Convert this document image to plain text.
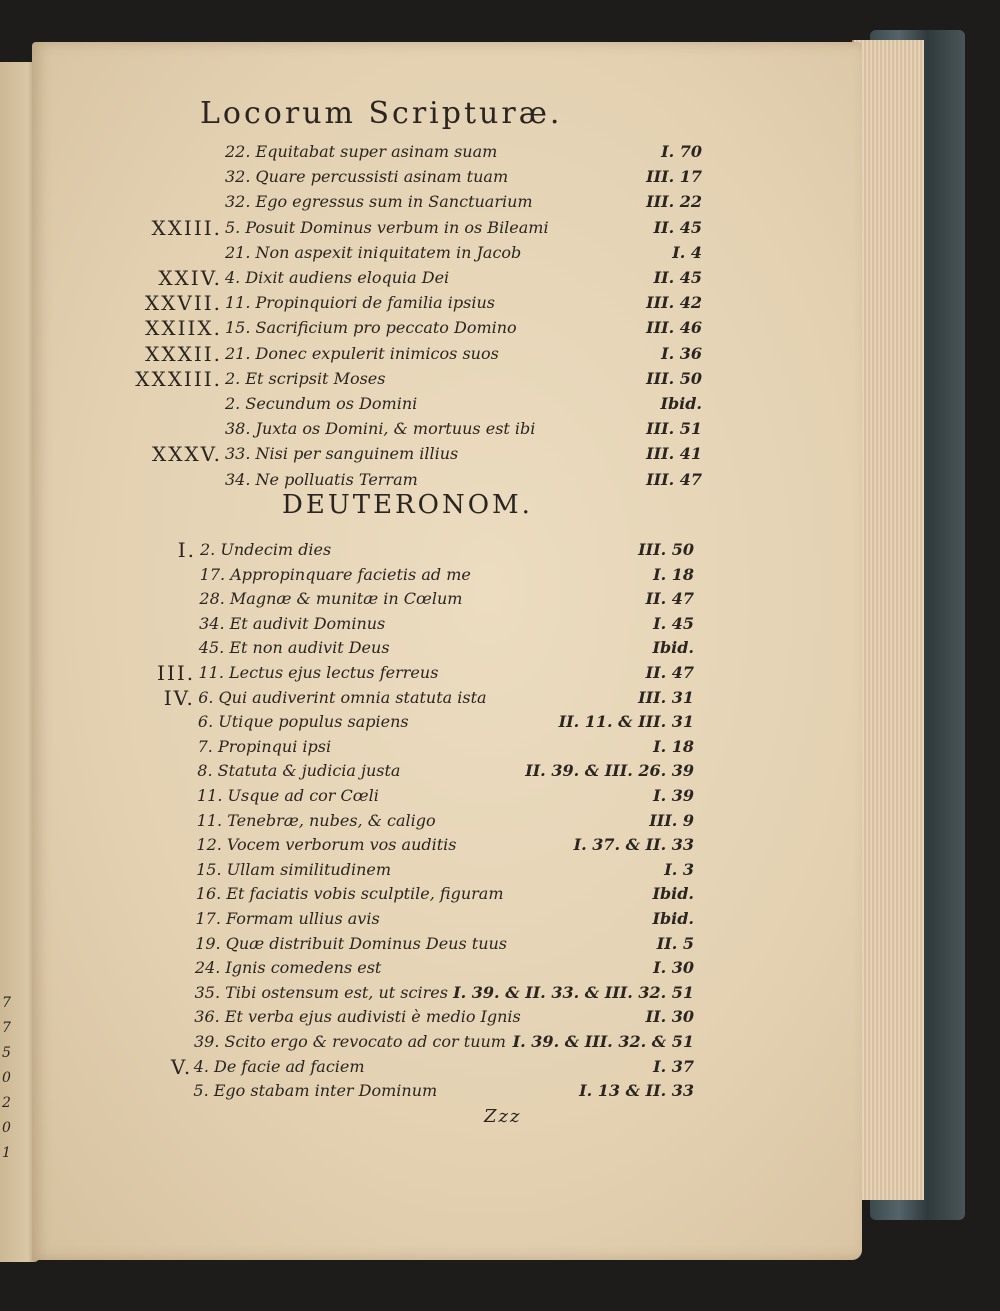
7
7
5
0
2
0
1
Locorum Scripturæ.
22. Equitabat super asinam suam	I. 70
32. Quare percussisti asinam tuam	III. 17
32. Ego egressus sum in Sanctuarium	III. 22
XXIII. 5. Posuit Dominus verbum in os Bileami	II. 45
21. Non aspexit iniquitatem in Jacob	I. 4
XXIV. 4. Dixit audiens eloquia Dei	II. 45
XXVII. 11. Propinquiori de familia ipsius	III. 42
XXIIX. 15. Sacrificium pro peccato Domino	III. 46
XXXII. 21. Donec expulerit inimicos suos	I. 36
XXXIII. 2. Et scripsit Moses	III. 50
2. Secundum os Domini	Ibid.
38. Juxta os Domini, & mortuus est ibi	III. 51
XXXV. 33. Nisi per sanguinem illius	III. 41
34. Ne polluatis Terram	III. 47
DEUTERONOM.
I. 2. Undecim dies	III. 50
17. Appropinquare facietis ad me	I. 18
28. Magnæ & munitæ in Cœlum	II. 47
34. Et audivit Dominus	I. 45
45. Et non audivit Deus	Ibid.
III. 11. Lectus ejus lectus ferreus	II. 47
IV. 6. Qui audiverint omnia statuta ista	III. 31
6. Utique populus sapiens	II. 11. & III. 31
7. Propinqui ipsi	I. 18
8. Statuta & judicia justa	II. 39. & III. 26. 39
11. Usque ad cor Cœli	I. 39
11. Tenebræ, nubes, & caligo	III. 9
12. Vocem verborum vos auditis	I. 37. & II. 33
15. Ullam similitudinem	I. 3
16. Et faciatis vobis sculptile, figuram	Ibid.
17. Formam ullius avis	Ibid.
19. Quæ distribuit Dominus Deus tuus	II. 5
24. Ignis comedens est	I. 30
35. Tibi ostensum est, ut scires I. 39. & II. 33. & III. 32. 51
36. Et verba ejus audivisti è medio Ignis	II. 30
39. Scito ergo & revocato ad cor tuum I. 39. & III. 32. & 51
V. 4. De facie ad faciem	I. 37
5. Ego stabam inter Dominum	I. 13 & II. 33
Zzz
